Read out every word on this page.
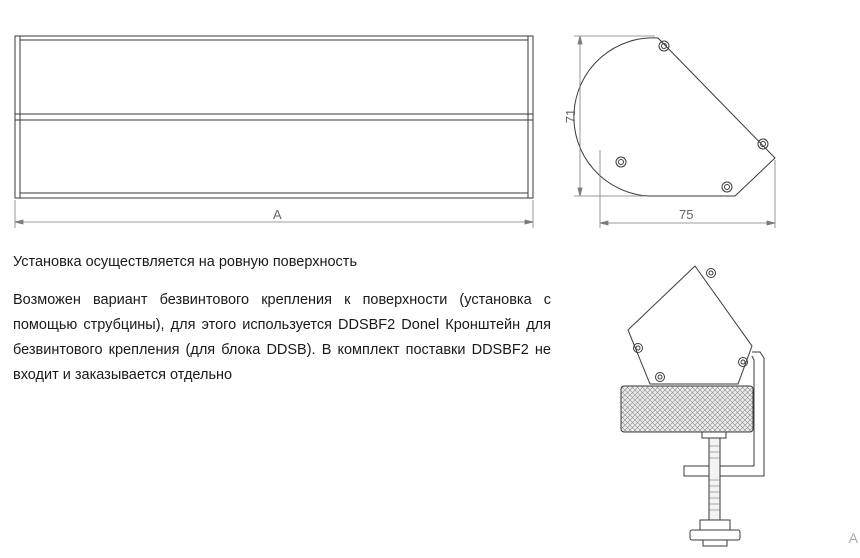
A
71
75

Установка осуществляется на ровную поверхность

Возможен вариант безвинтового крепления к поверхности (установка с помощью струбцины), для этого используется DDSBF2 Donel Кронштейн для безвинтового крепления (для блока DDSB). В комплект поставки DDSBF2 не входит и заказывается отдельно

A
